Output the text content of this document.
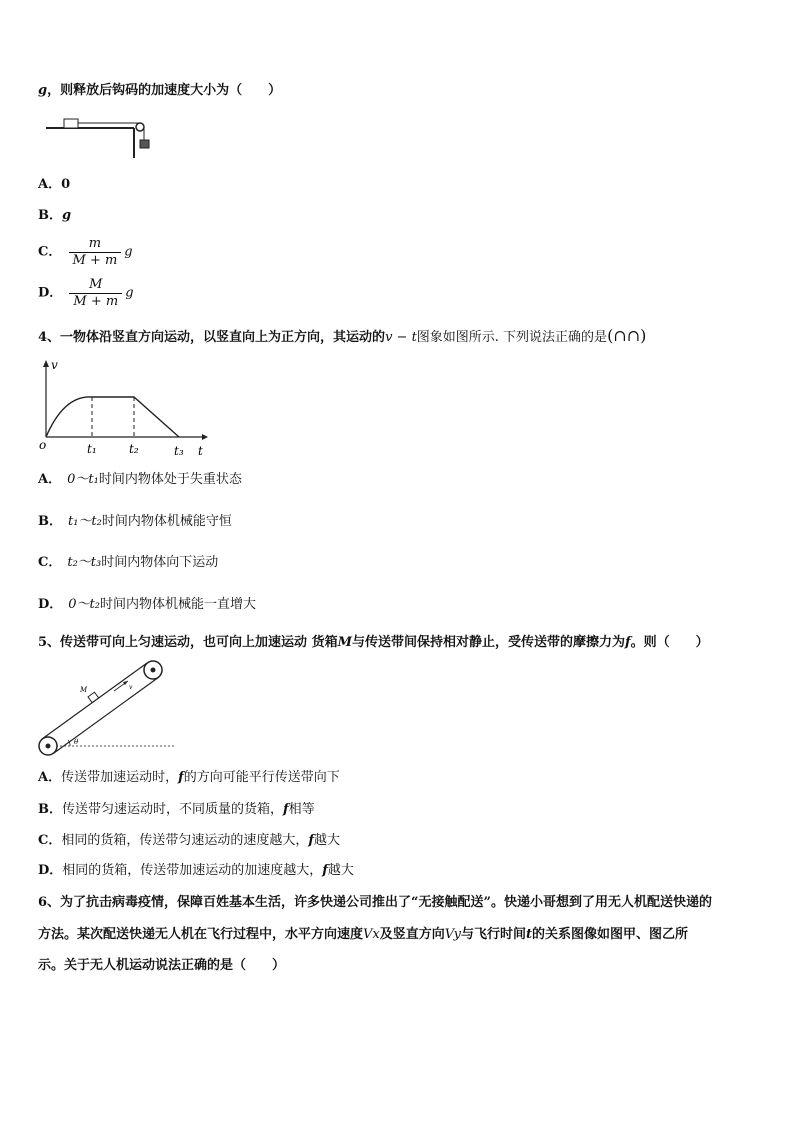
g，则释放后钩码的加速度大小为（　　）
A．0
B．g
C． $\frac{m}{M + m}$ g
D． $\frac{M}{M + m}$ g
4、一物体沿竖直方向运动，以竖直向上为正方向，其运动的v − t图象如图所示. 下列说法正确的是(∩∩)
v
o	t₁	t₂	t₃ t
A． 0～t₁时间内物体处于失重状态
B． t₁～t₂时间内物体机械能守恒
C． t₂～t₃时间内物体向下运动
D． 0～t₂时间内物体机械能一直增大
5、传送带可向上匀速运动，也可向上加速运动 货箱M与传送带间保持相对静止，受传送带的摩擦力为f。则（　　）
M	v
θ
A．传送带加速运动时，f的方向可能平行传送带向下
B．传送带匀速运动时，不同质量的货箱，f相等
C．相同的货箱，传送带匀速运动的速度越大，f越大
D．相同的货箱，传送带加速运动的加速度越大，f越大
6、为了抗击病毒疫情，保障百姓基本生活，许多快递公司推出了“无接触配送”。快递小哥想到了用无人机配送快递的
方法。某次配送快递无人机在飞行过程中，水平方向速度Vx及竖直方向Vy与飞行时间t的关系图像如图甲、图乙所
示。关于无人机运动说法正确的是（　　）
